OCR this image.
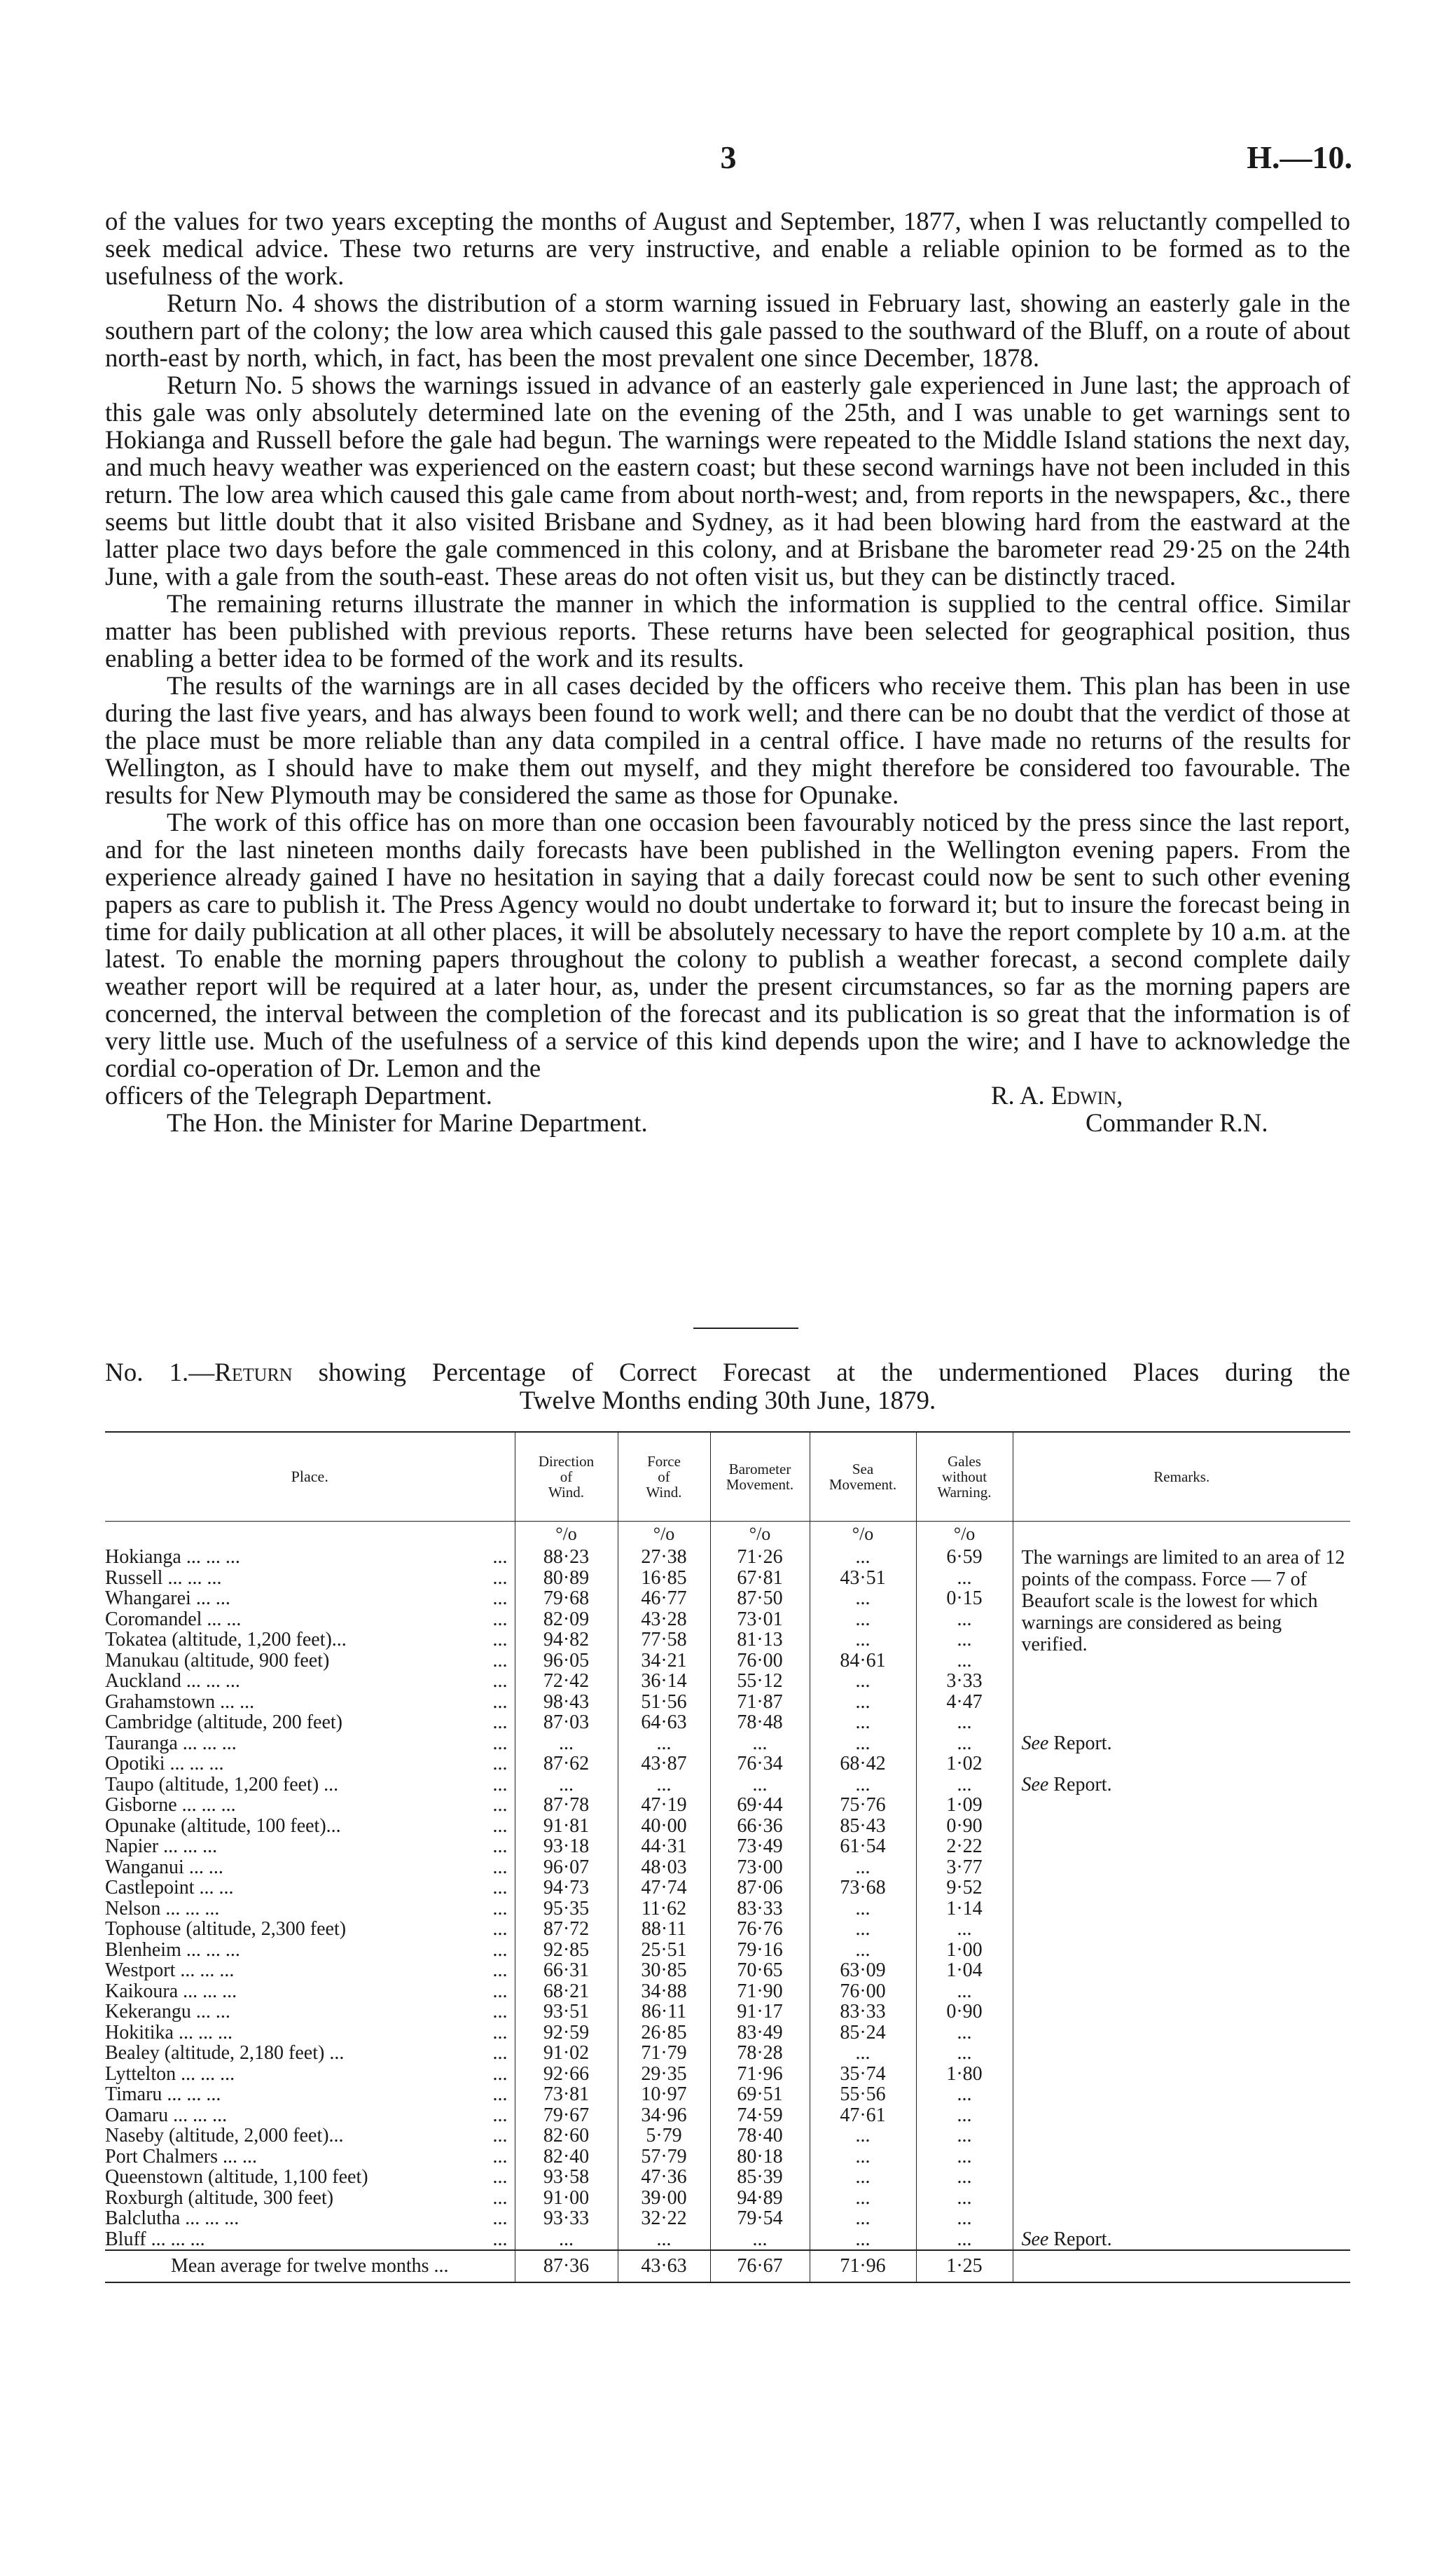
3	H.—10.

of the values for two years excepting the months of August and September, 1877, when I was reluctantly compelled to seek medical advice. These two returns are very instructive, and enable a reliable opinion to be formed as to the usefulness of the work.

Return No. 4 shows the distribution of a storm warning issued in February last, showing an easterly gale in the southern part of the colony; the low area which caused this gale passed to the southward of the Bluff, on a route of about north-east by north, which, in fact, has been the most prevalent one since December, 1878.

Return No. 5 shows the warnings issued in advance of an easterly gale experienced in June last; the approach of this gale was only absolutely determined late on the evening of the 25th, and I was unable to get warnings sent to Hokianga and Russell before the gale had begun. The warnings were repeated to the Middle Island stations the next day, and much heavy weather was experienced on the eastern coast; but these second warnings have not been included in this return. The low area which caused this gale came from about north-west; and, from reports in the newspapers, &c., there seems but little doubt that it also visited Brisbane and Sydney, as it had been blowing hard from the eastward at the latter place two days before the gale commenced in this colony, and at Brisbane the barometer read 29·25 on the 24th June, with a gale from the south-east. These areas do not often visit us, but they can be distinctly traced.

The remaining returns illustrate the manner in which the information is supplied to the central office. Similar matter has been published with previous reports. These returns have been selected for geographical position, thus enabling a better idea to be formed of the work and its results.

The results of the warnings are in all cases decided by the officers who receive them. This plan has been in use during the last five years, and has always been found to work well; and there can be no doubt that the verdict of those at the place must be more reliable than any data compiled in a central office. I have made no returns of the results for Wellington, as I should have to make them out myself, and they might therefore be considered too favourable. The results for New Plymouth may be considered the same as those for Opunake.

The work of this office has on more than one occasion been favourably noticed by the press since the last report, and for the last nineteen months daily forecasts have been published in the Wellington evening papers. From the experience already gained I have no hesitation in saying that a daily forecast could now be sent to such other evening papers as care to publish it. The Press Agency would no doubt undertake to forward it; but to insure the forecast being in time for daily publication at all other places, it will be absolutely necessary to have the report complete by 10 a.m. at the latest. To enable the morning papers throughout the colony to publish a weather forecast, a second complete daily weather report will be required at a later hour, as, under the present circumstances, so far as the morning papers are concerned, the interval between the completion of the forecast and its publication is so great that the information is of very little use. Much of the usefulness of a service of this kind depends upon the wire; and I have to acknowledge the cordial co-operation of Dr. Lemon and the

officers of the Telegraph Department.	R. A. Edwin,
The Hon. the Minister for Marine Department.	Commander R.N.
No. 1.—Return showing Percentage of Correct Forecast at the undermentioned Places during the
Twelve Months ending 30th June, 1879.
Place.	Direction
of
Wind.	Force
of
Wind.	Barometer
Movement.	Sea
Movement.	Gales
without
Warning.	Remarks.
	°/o	°/o	°/o	°/o	°/o	
Hokianga ... ... ... ...	88·23	27·38	71·26	...	6·59	The warnings are limited to an area of 12 points of the compass. Force — 7 of Beaufort scale is the lowest for which warnings are considered as being verified.
Russell ... ... ... ...	80·89	16·85	67·81	43·51	...	
Whangarei ... ... ...	79·68	46·77	87·50	...	0·15	
Coromandel ... ... ...	82·09	43·28	73·01	...	...	
Tokatea (altitude, 1,200 feet)... ...	94·82	77·58	81·13	...	...	
Manukau (altitude, 900 feet) ...	96·05	34·21	76·00	84·61	...	
Auckland ... ... ... ...	72·42	36·14	55·12	...	3·33	
Grahamstown ... ... ...	98·43	51·56	71·87	...	4·47	
Cambridge (altitude, 200 feet) ...	87·03	64·63	78·48	...	...	
Tauranga ... ... ... ...	...	...	...	...	...	See Report.
Opotiki ... ... ... ...	87·62	43·87	76·34	68·42	1·02	
Taupo (altitude, 1,200 feet) ... ...	...	...	...	...	...	See Report.
Gisborne ... ... ... ...	87·78	47·19	69·44	75·76	1·09	
Opunake (altitude, 100 feet)... ...	91·81	40·00	66·36	85·43	0·90	
Napier ... ... ... ...	93·18	44·31	73·49	61·54	2·22	
Wanganui ... ... ...	96·07	48·03	73·00	...	3·77	
Castlepoint ... ... ...	94·73	47·74	87·06	73·68	9·52	
Nelson ... ... ... ...	95·35	11·62	83·33	...	1·14	
Tophouse (altitude, 2,300 feet) ...	87·72	88·11	76·76	...	...	
Blenheim ... ... ... ...	92·85	25·51	79·16	...	1·00	
Westport ... ... ... ...	66·31	30·85	70·65	63·09	1·04	
Kaikoura ... ... ... ...	68·21	34·88	71·90	76·00	...	
Kekerangu ... ... ...	93·51	86·11	91·17	83·33	0·90	
Hokitika ... ... ... ...	92·59	26·85	83·49	85·24	...	
Bealey (altitude, 2,180 feet) ... ...	91·02	71·79	78·28	...	...	
Lyttelton ... ... ... ...	92·66	29·35	71·96	35·74	1·80	
Timaru ... ... ... ...	73·81	10·97	69·51	55·56	...	
Oamaru ... ... ... ...	79·67	34·96	74·59	47·61	...	
Naseby (altitude, 2,000 feet)... ...	82·60	5·79	78·40	...	...	
Port Chalmers ... ... ...	82·40	57·79	80·18	...	...	
Queenstown (altitude, 1,100 feet) ...	93·58	47·36	85·39	...	...	
Roxburgh (altitude, 300 feet) ...	91·00	39·00	94·89	...	...	
Balclutha ... ... ... ...	93·33	32·22	79·54	...	...	
Bluff ... ... ... ...	...	...	...	...	...	See Report.
Mean average for twelve months ...	87·36	43·63	76·67	71·96	1·25	
